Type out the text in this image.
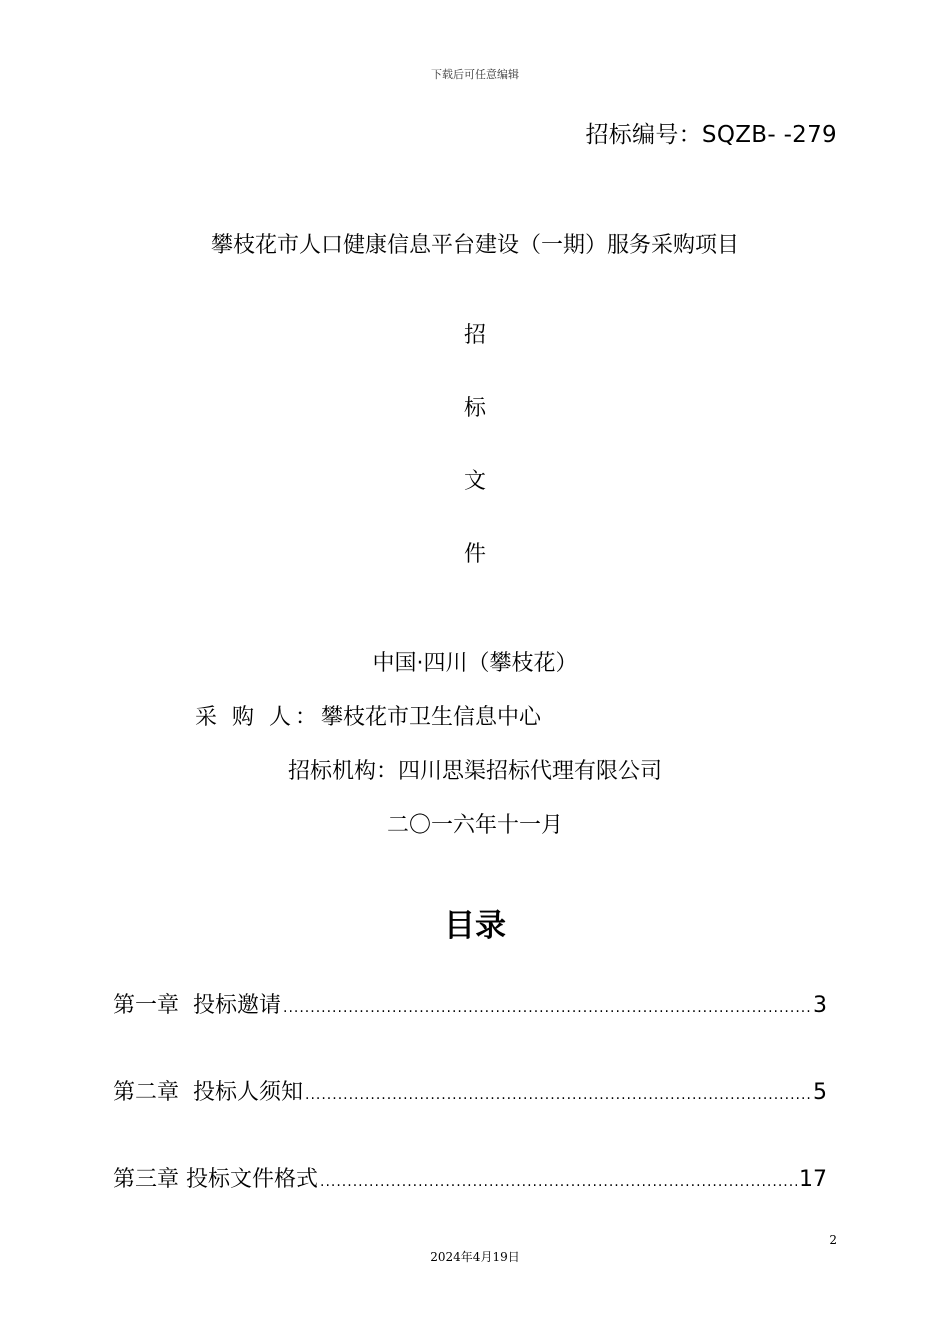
下载后可任意编辑
招标编号：SQZB- -279
攀枝花市人口健康信息平台建设（一期）服务采购项目
招
标
文
件
中国·四川（攀枝花）
采 购 人：攀枝花市卫生信息中心
招标机构：四川思渠招标代理有限公司
二〇一六年十一月
目录
第一章  投标邀请 .....	3
第二章  投标人须知 .....	5
第三章 投标文件格式 .....	17
2
2024年4月19日
